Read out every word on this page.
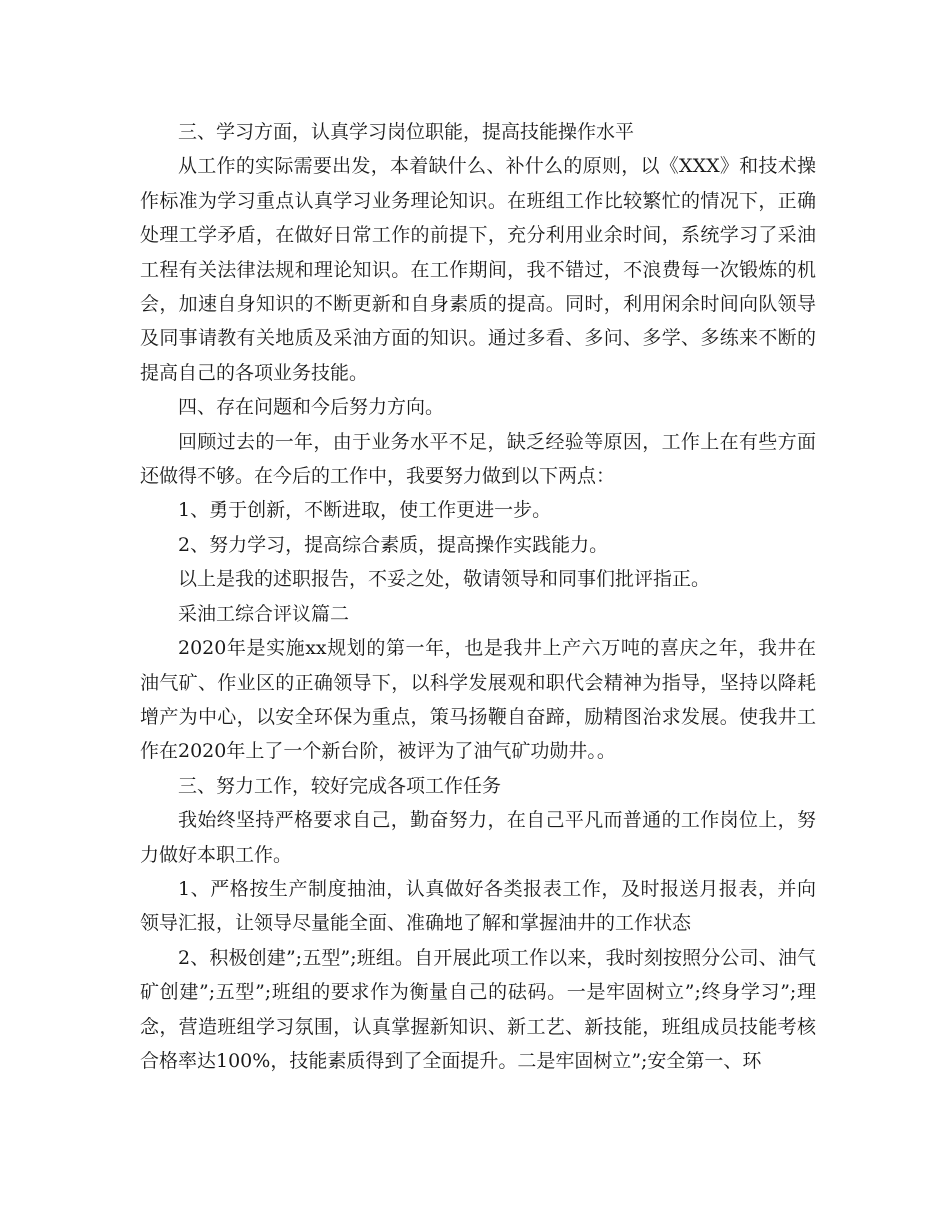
三、学习方面，认真学习岗位职能，提高技能操作水平

从工作的实际需要出发，本着缺什么、补什么的原则，以《XXX》和技术操作标准为学习重点认真学习业务理论知识。在班组工作比较繁忙的情况下，正确处理工学矛盾，在做好日常工作的前提下，充分利用业余时间，系统学习了采油工程有关法律法规和理论知识。在工作期间，我不错过，不浪费每一次锻炼的机会，加速自身知识的不断更新和自身素质的提高。同时，利用闲余时间向队领导及同事请教有关地质及采油方面的知识。通过多看、多问、多学、多练来不断的提高自己的各项业务技能。

四、存在问题和今后努力方向。

回顾过去的一年，由于业务水平不足，缺乏经验等原因，工作上在有些方面还做得不够。在今后的工作中，我要努力做到以下两点：

1、勇于创新，不断进取，使工作更进一步。

2、努力学习，提高综合素质，提高操作实践能力。

以上是我的述职报告，不妥之处，敬请领导和同事们批评指正。

采油工综合评议篇二

2020年是实施xx规划的第一年，也是我井上产六万吨的喜庆之年，我井在油气矿、作业区的正确领导下，以科学发展观和职代会精神为指导，坚持以降耗增产为中心，以安全环保为重点，策马扬鞭自奋蹄，励精图治求发展。使我井工作在2020年上了一个新台阶，被评为了油气矿功勋井。。

三、努力工作，较好完成各项工作任务

我始终坚持严格要求自己，勤奋努力，在自己平凡而普通的工作岗位上，努力做好本职工作。

1、严格按生产制度抽油，认真做好各类报表工作，及时报送月报表，并向领导汇报，让领导尽量能全面、准确地了解和掌握油井的工作状态

2、积极创建”;五型”;班组。自开展此项工作以来，我时刻按照分公司、油气矿创建”;五型”;班组的要求作为衡量自己的砝码。一是牢固树立”;终身学习”;理念，营造班组学习氛围，认真掌握新知识、新工艺、新技能，班组成员技能考核合格率达100%，技能素质得到了全面提升。二是牢固树立”;安全第一、环
